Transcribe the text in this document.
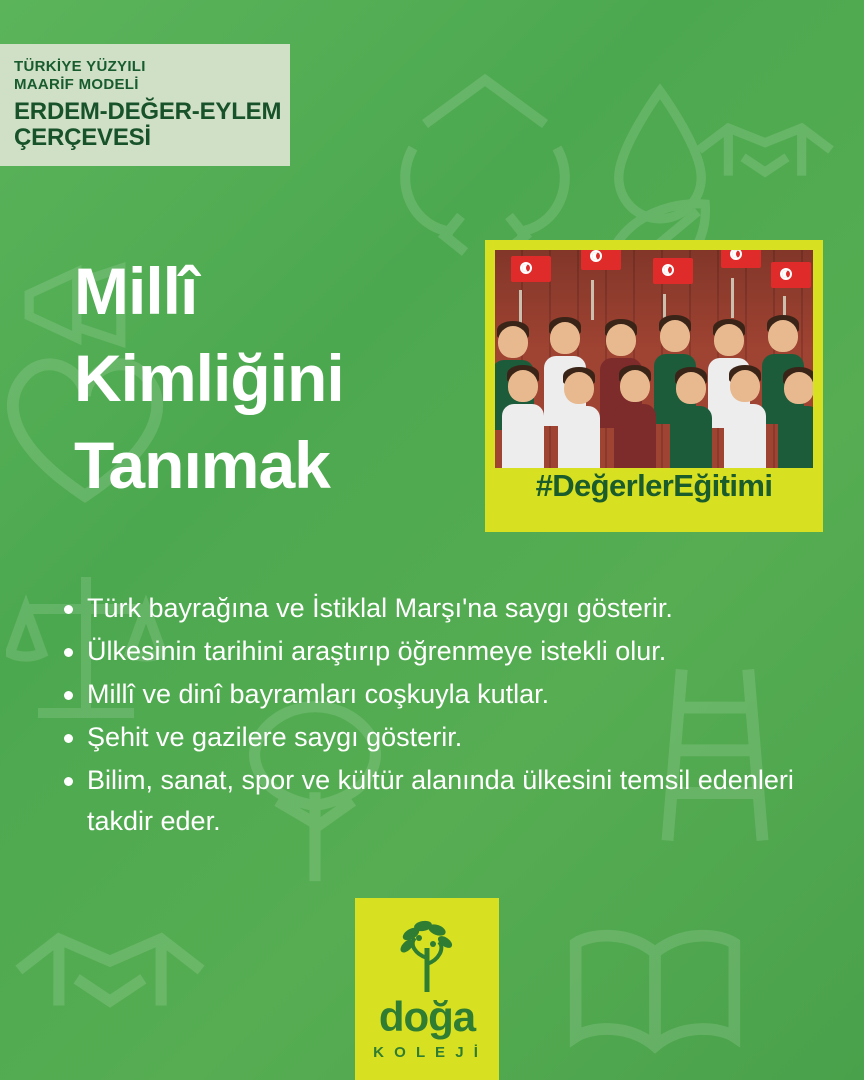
TÜRKİYE YÜZYILI
MAARİF MODELİ
ERDEM-DEĞER-EYLEM
ÇERÇEVESİ
Millî
Kimliğini
Tanımak	#DeğerlerEğitimi
Türk bayrağına ve İstiklal Marşı'na saygı gösterir.
Ülkesinin tarihini araştırıp öğrenmeye istekli olur.
Millî ve dinî bayramları coşkuyla kutlar.
Şehit ve gazilere saygı gösterir.
Bilim, sanat, spor ve kültür alanında ülkesini temsil edenleri takdir eder.
doğa
K O L E J İ
